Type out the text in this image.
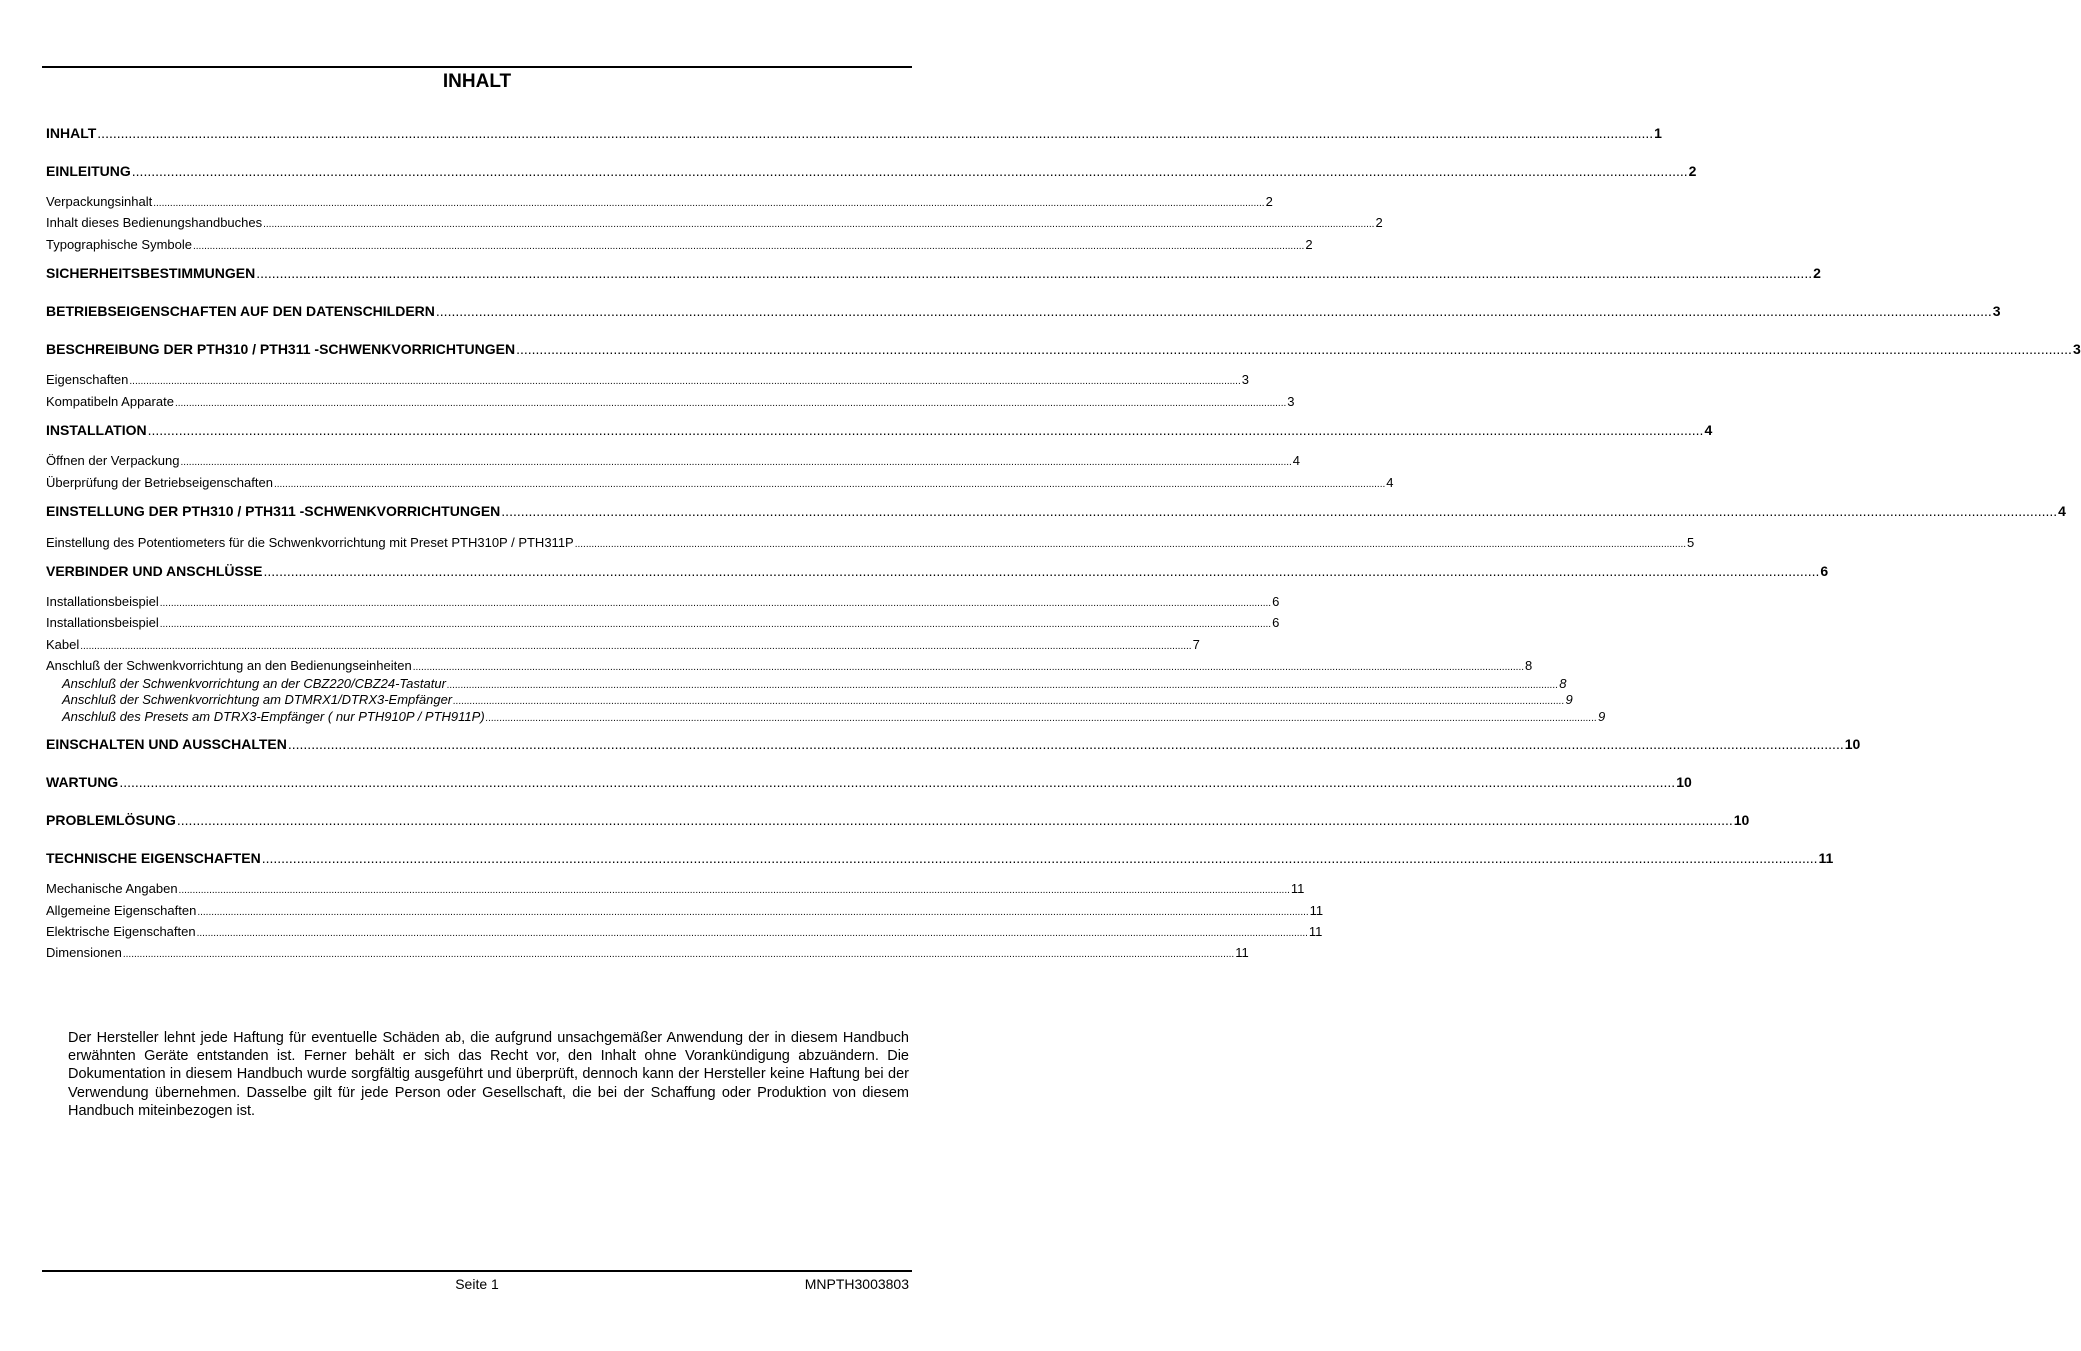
INHALT
INHALT ................................................................................................................................................................................................................................................................................................................................................................................................................ 1
EINLEITUNG ................................................................................................................................................................................................................................................................................................................................................................................................................ 2
Verpackungsinhalt ................................................................................................................................................................................................................................................................................................................................................................................................................ 2
Inhalt dieses Bedienungshandbuches ................................................................................................................................................................................................................................................................................................................................................................................................................ 2
Typographische Symbole ................................................................................................................................................................................................................................................................................................................................................................................................................ 2
SICHERHEITSBESTIMMUNGEN ................................................................................................................................................................................................................................................................................................................................................................................................................ 2
BETRIEBSEIGENSCHAFTEN AUF DEN DATENSCHILDERN ................................................................................................................................................................................................................................................................................................................................................................................................................ 3
BESCHREIBUNG DER PTH310 / PTH311 -SCHWENKVORRICHTUNGEN ................................................................................................................................................................................................................................................................................................................................................................................................................ 3
Eigenschaften ................................................................................................................................................................................................................................................................................................................................................................................................................ 3
Kompatibeln Apparate ................................................................................................................................................................................................................................................................................................................................................................................................................ 3
INSTALLATION ................................................................................................................................................................................................................................................................................................................................................................................................................ 4
Öffnen der Verpackung ................................................................................................................................................................................................................................................................................................................................................................................................................ 4
Überprüfung der Betriebseigenschaften ................................................................................................................................................................................................................................................................................................................................................................................................................ 4
EINSTELLUNG DER PTH310 / PTH311 -SCHWENKVORRICHTUNGEN ................................................................................................................................................................................................................................................................................................................................................................................................................ 4
Einstellung des Potentiometers für die Schwenkvorrichtung mit Preset PTH310P / PTH311P ................................................................................................................................................................................................................................................................................................................................................................................................................ 5
VERBINDER UND ANSCHLÜSSE ................................................................................................................................................................................................................................................................................................................................................................................................................ 6
Installationsbeispiel ................................................................................................................................................................................................................................................................................................................................................................................................................ 6
Installationsbeispiel ................................................................................................................................................................................................................................................................................................................................................................................................................ 6
Kabel ................................................................................................................................................................................................................................................................................................................................................................................................................ 7
Anschluß der Schwenkvorrichtung an den Bedienungseinheiten ................................................................................................................................................................................................................................................................................................................................................................................................................ 8
Anschluß der Schwenkvorrichtung an der CBZ220/CBZ24-Tastatur ................................................................................................................................................................................................................................................................................................................................................................................................................ 8
Anschluß der Schwenkvorrichtung am DTMRX1/DTRX3-Empfänger ................................................................................................................................................................................................................................................................................................................................................................................................................ 9
Anschluß des Presets am DTRX3-Empfänger ( nur PTH910P / PTH911P) ................................................................................................................................................................................................................................................................................................................................................................................................................ 9
EINSCHALTEN UND AUSSCHALTEN ................................................................................................................................................................................................................................................................................................................................................................................................................ 10
WARTUNG ................................................................................................................................................................................................................................................................................................................................................................................................................ 10
PROBLEMLÖSUNG ................................................................................................................................................................................................................................................................................................................................................................................................................ 10
TECHNISCHE EIGENSCHAFTEN ................................................................................................................................................................................................................................................................................................................................................................................................................ 11
Mechanische Angaben ................................................................................................................................................................................................................................................................................................................................................................................................................ 11
Allgemeine Eigenschaften ................................................................................................................................................................................................................................................................................................................................................................................................................ 11
Elektrische Eigenschaften ................................................................................................................................................................................................................................................................................................................................................................................................................ 11
Dimensionen ................................................................................................................................................................................................................................................................................................................................................................................................................ 11
Der Hersteller lehnt jede Haftung für eventuelle Schäden ab, die aufgrund unsachgemäßer Anwendung der in diesem Handbuch erwähnten Geräte entstanden ist. Ferner behält er sich das Recht vor, den Inhalt ohne Vorankündigung abzuändern. Die Dokumentation in diesem Handbuch wurde sorgfältig ausgeführt und überprüft, dennoch kann der Hersteller keine Haftung bei der Verwendung übernehmen. Dasselbe gilt für jede Person oder Gesellschaft, die bei der Schaffung oder Produktion von diesem Handbuch miteinbezogen ist.
Seite 1	MNPTH3003803
